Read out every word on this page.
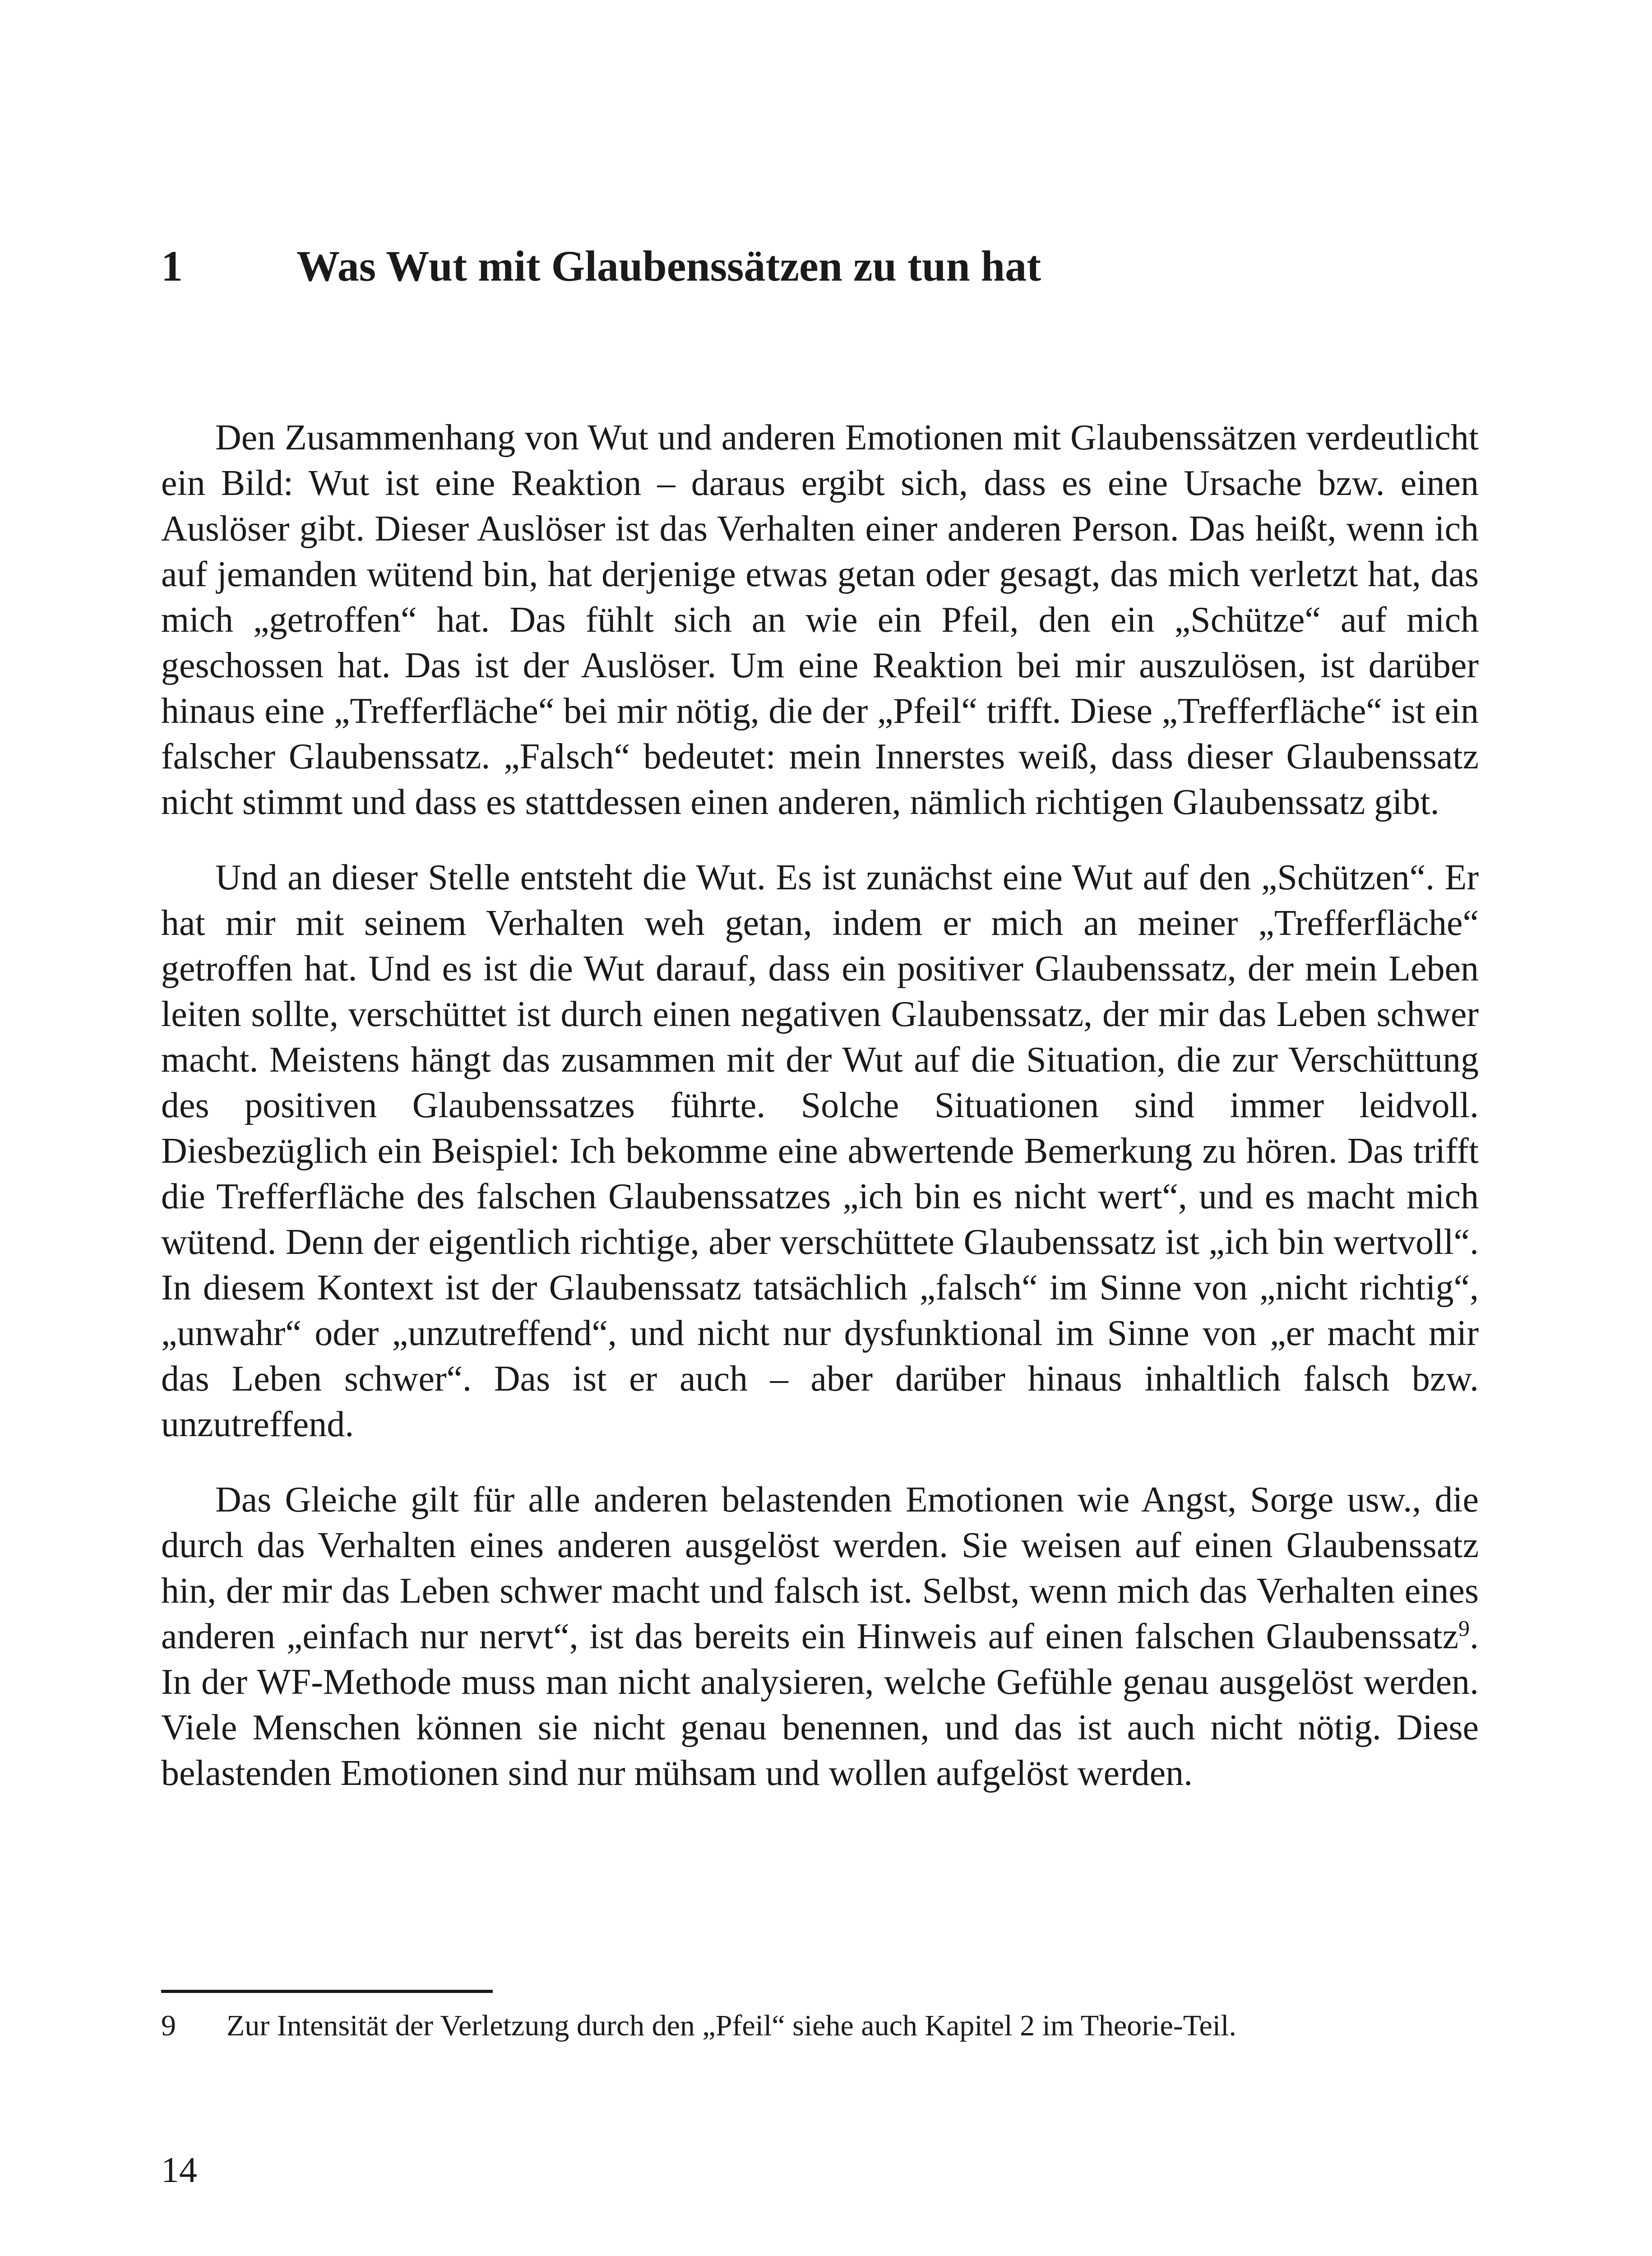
1	Was Wut mit Glaubenssätzen zu tun hat

Den Zusammenhang von Wut und anderen Emotionen mit Glaubenssätzen verdeutlicht ein Bild: Wut ist eine Reaktion – daraus ergibt sich, dass es eine Ursache bzw. einen Auslöser gibt. Dieser Auslöser ist das Verhalten einer anderen Person. Das heißt, wenn ich auf jemanden wütend bin, hat derjenige etwas getan oder gesagt, das mich verletzt hat, das mich „getroffen“ hat. Das fühlt sich an wie ein Pfeil, den ein „Schütze“ auf mich geschossen hat. Das ist der Auslöser. Um eine Reaktion bei mir auszulösen, ist darüber hinaus eine „Trefferfläche“ bei mir nötig, die der „Pfeil“ trifft. Diese „Trefferfläche“ ist ein falscher Glaubenssatz. „Falsch“ bedeutet: mein Innerstes weiß, dass dieser Glaubenssatz nicht stimmt und dass es stattdessen einen anderen, nämlich richtigen Glaubenssatz gibt.

Und an dieser Stelle entsteht die Wut. Es ist zunächst eine Wut auf den „Schützen“. Er hat mir mit seinem Verhalten weh getan, indem er mich an meiner „Trefferfläche“ getroffen hat. Und es ist die Wut darauf, dass ein positiver Glaubenssatz, der mein Leben leiten sollte, verschüttet ist durch einen negativen Glaubenssatz, der mir das Leben schwer macht. Meistens hängt das zusammen mit der Wut auf die Situation, die zur Verschüttung des positiven Glaubenssatzes führte. Solche Situationen sind immer leidvoll. Diesbezüglich ein Beispiel: Ich bekomme eine abwertende Bemerkung zu hören. Das trifft die Trefferfläche des falschen Glaubenssatzes „ich bin es nicht wert“, und es macht mich wütend. Denn der eigentlich richtige, aber verschüttete Glaubenssatz ist „ich bin wertvoll“. In diesem Kontext ist der Glaubenssatz tatsächlich „falsch“ im Sinne von „nicht richtig“, „unwahr“ oder „unzutreffend“, und nicht nur dysfunktional im Sinne von „er macht mir das Leben schwer“. Das ist er auch – aber darüber hinaus inhaltlich falsch bzw. unzutreffend.

Das Gleiche gilt für alle anderen belastenden Emotionen wie Angst, Sorge usw., die durch das Verhalten eines anderen ausgelöst werden. Sie weisen auf einen Glaubenssatz hin, der mir das Leben schwer macht und falsch ist. Selbst, wenn mich das Verhalten eines anderen „einfach nur nervt“, ist das bereits ein Hinweis auf einen falschen Glaubenssatz$^9$. In der WF-Methode muss man nicht analysieren, welche Gefühle genau ausgelöst werden. Viele Menschen können sie nicht genau benennen, und das ist auch nicht nötig. Diese belastenden Emotionen sind nur mühsam und wollen aufgelöst werden.

9 Zur Intensität der Verletzung durch den „Pfeil“ siehe auch Kapitel 2 im Theorie-Teil.
14
